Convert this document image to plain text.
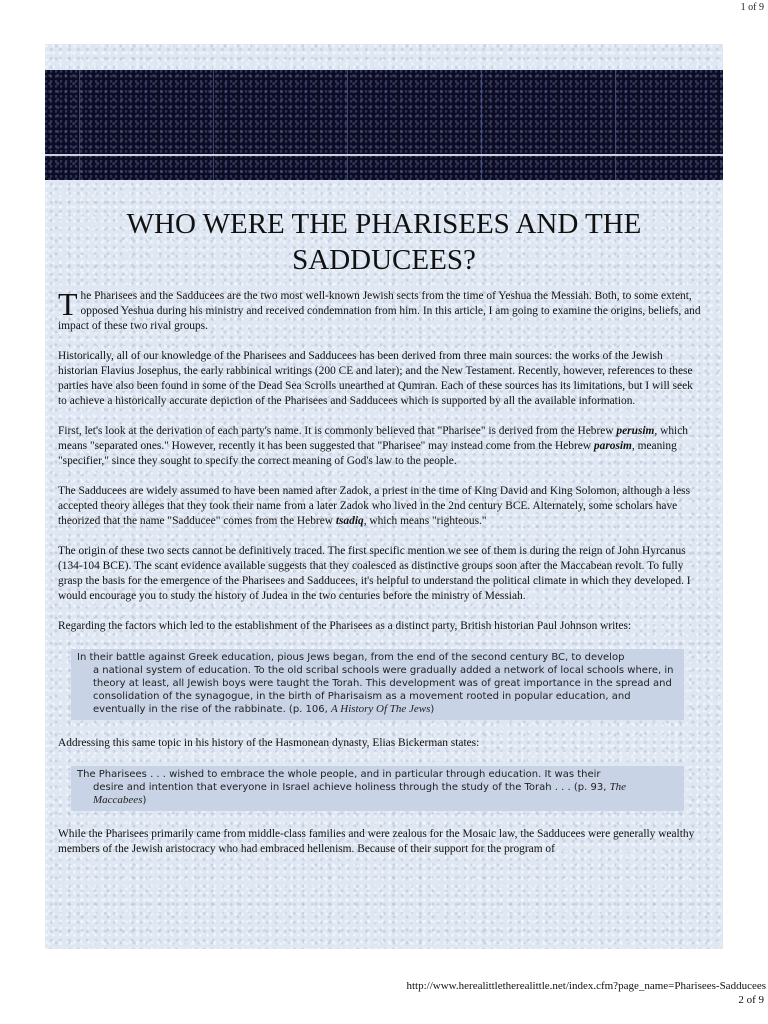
1 of 9
WHO WERE THE PHARISEES AND THE SADDUCEES?

The Pharisees and the Sadducees are the two most well-known Jewish sects from the time of Yeshua the Messiah. Both, to some extent, opposed Yeshua during his ministry and received condemnation from him. In this article, I am going to examine the origins, beliefs, and impact of these two rival groups.

Historically, all of our knowledge of the Pharisees and Sadducees has been derived from three main sources: the works of the Jewish historian Flavius Josephus, the early rabbinical writings (200 CE and later); and the New Testament. Recently, however, references to these parties have also been found in some of the Dead Sea Scrolls unearthed at Qumran. Each of these sources has its limitations, but I will seek to achieve a historically accurate depiction of the Pharisees and Sadducees which is supported by all the available information.

First, let's look at the derivation of each party's name. It is commonly believed that "Pharisee" is derived from the Hebrew perusim, which means "separated ones." However, recently it has been suggested that "Pharisee" may instead come from the Hebrew parosim, meaning "specifier," since they sought to specify the correct meaning of God's law to the people.

The Sadducees are widely assumed to have been named after Zadok, a priest in the time of King David and King Solomon, although a less accepted theory alleges that they took their name from a later Zadok who lived in the 2nd century BCE. Alternately, some scholars have theorized that the name "Sadducee" comes from the Hebrew tsadiq, which means "righteous."

The origin of these two sects cannot be definitively traced. The first specific mention we see of them is during the reign of John Hyrcanus (134-104 BCE). The scant evidence available suggests that they coalesced as distinctive groups soon after the Maccabean revolt. To fully grasp the basis for the emergence of the Pharisees and Sadducees, it's helpful to understand the political climate in which they developed. I would encourage you to study the history of Judea in the two centuries before the ministry of Messiah.

Regarding the factors which led to the establishment of the Pharisees as a distinct party, British historian Paul Johnson writes:

In their battle against Greek education, pious Jews began, from the end of the second century BC, to develop
a national system of education. To the old scribal schools were gradually added a network of local schools where, in theory at least, all Jewish boys were taught the Torah. This development was of great importance in the spread and consolidation of the synagogue, in the birth of Pharisaism as a movement rooted in popular education, and eventually in the rise of the rabbinate. (p. 106, A History Of The Jews)

Addressing this same topic in his history of the Hasmonean dynasty, Elias Bickerman states:

The Pharisees . . . wished to embrace the whole people, and in particular through education. It was their
desire and intention that everyone in Israel achieve holiness through the study of the Torah . . . (p. 93, The Maccabees)

While the Pharisees primarily came from middle-class families and were zealous for the Mosaic law, the Sadducees were generally wealthy members of the Jewish aristocracy who had embraced hellenism. Because of their support for the program of

http://www.herealittletherealittle.net/index.cfm?page_name=Pharisees-Sadducees
2 of 9
